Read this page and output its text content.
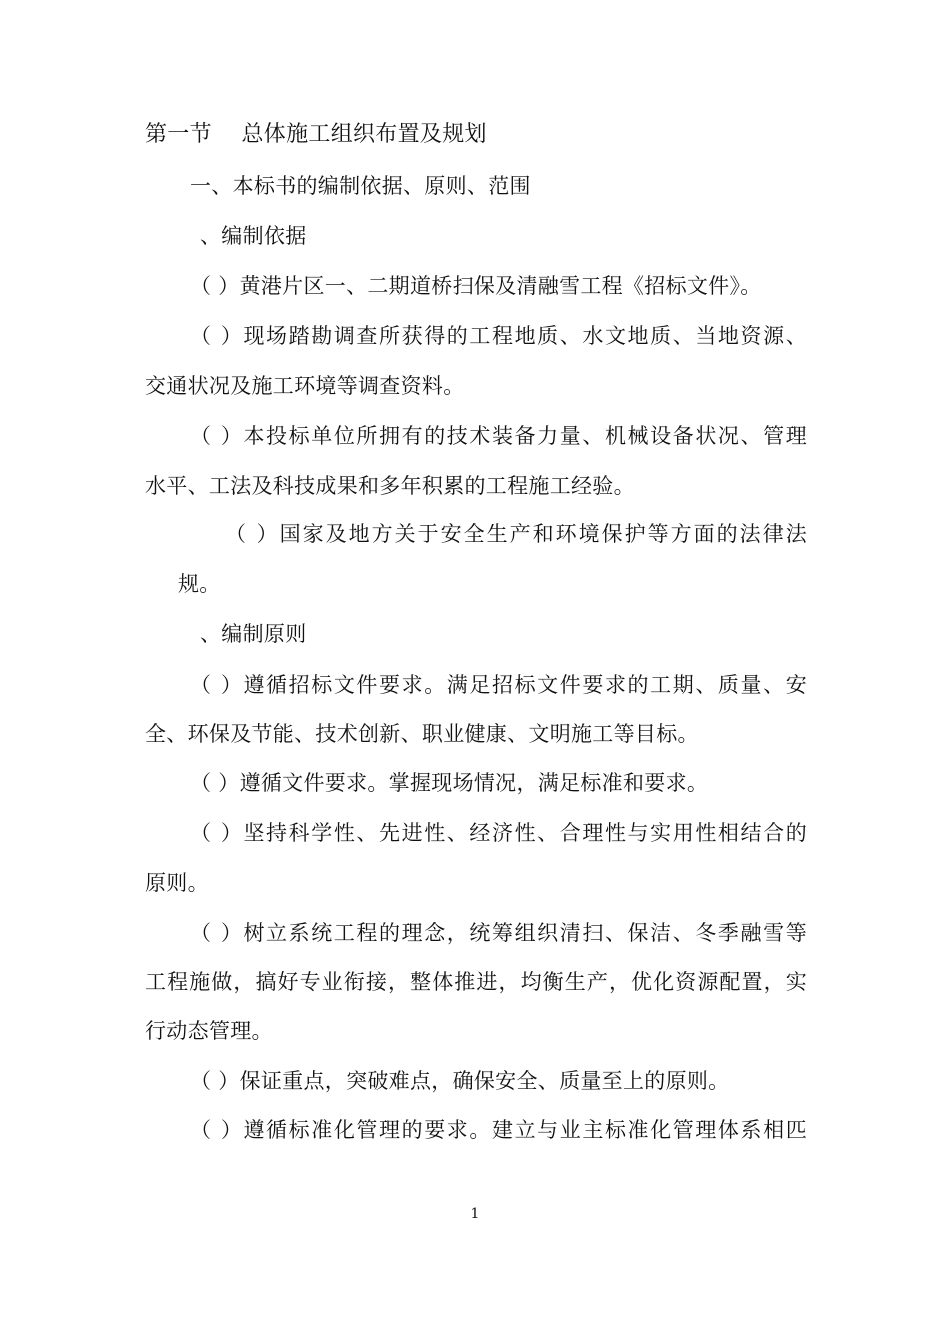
第一节　 总体施工组织布置及规划
一、本标书的编制依据、原则、范围
、编制依据
（ ）黄港片区一、二期道桥扫保及清融雪工程《招标文件》。
（ ）现场踏勘调查所获得的工程地质、水文地质、当地资源、
交通状况及施工环境等调查资料。
（ ）本投标单位所拥有的技术装备力量、机械设备状况、管理
水平、工法及科技成果和多年积累的工程施工经验。
（ ）国家及地方关于安全生产和环境保护等方面的法律法
规。
、编制原则
（ ）遵循招标文件要求。满足招标文件要求的工期、质量、安
全、环保及节能、技术创新、职业健康、文明施工等目标。
（ ）遵循文件要求。掌握现场情况，满足标准和要求。
（ ）坚持科学性、先进性、经济性、合理性与实用性相结合的
原则。
（ ）树立系统工程的理念，统筹组织清扫、保洁、冬季融雪等
工程施做，搞好专业衔接，整体推进，均衡生产，优化资源配置，实
行动态管理。
（ ）保证重点，突破难点，确保安全、质量至上的原则。
（ ）遵循标准化管理的要求。建立与业主标准化管理体系相匹
1
